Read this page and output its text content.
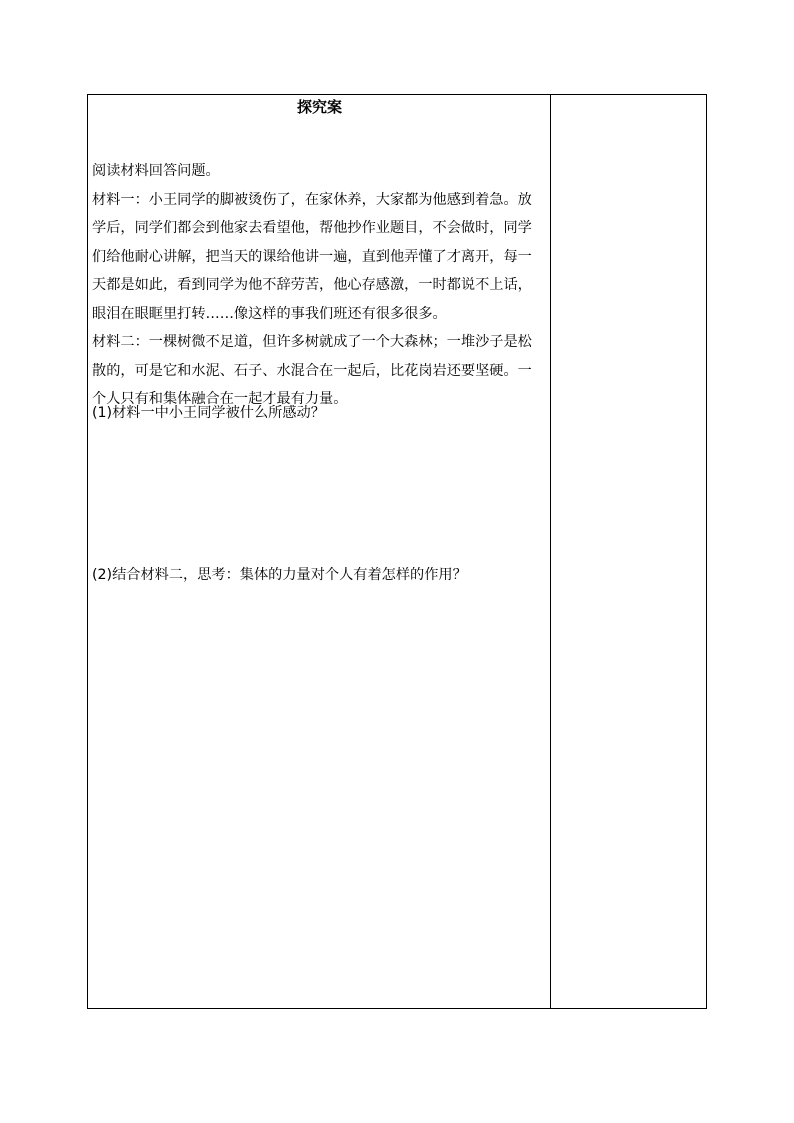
探究案

阅读材料回答问题。

材料一：小王同学的脚被烫伤了，在家休养，大家都为他感到着急。放学后，同学们都会到他家去看望他，帮他抄作业题目，不会做时，同学们给他耐心讲解，把当天的课给他讲一遍，直到他弄懂了才离开，每一天都是如此，看到同学为他不辞劳苦，他心存感激，一时都说不上话，眼泪在眼眶里打转……像这样的事我们班还有很多很多。

材料二：一棵树微不足道，但许多树就成了一个大森林；一堆沙子是松散的，可是它和水泥、石子、水混合在一起后，比花岗岩还要坚硬。一个人只有和集体融合在一起才最有力量。

(1)材料一中小王同学被什么所感动？

(2)结合材料二，思考：集体的力量对个人有着怎样的作用？
